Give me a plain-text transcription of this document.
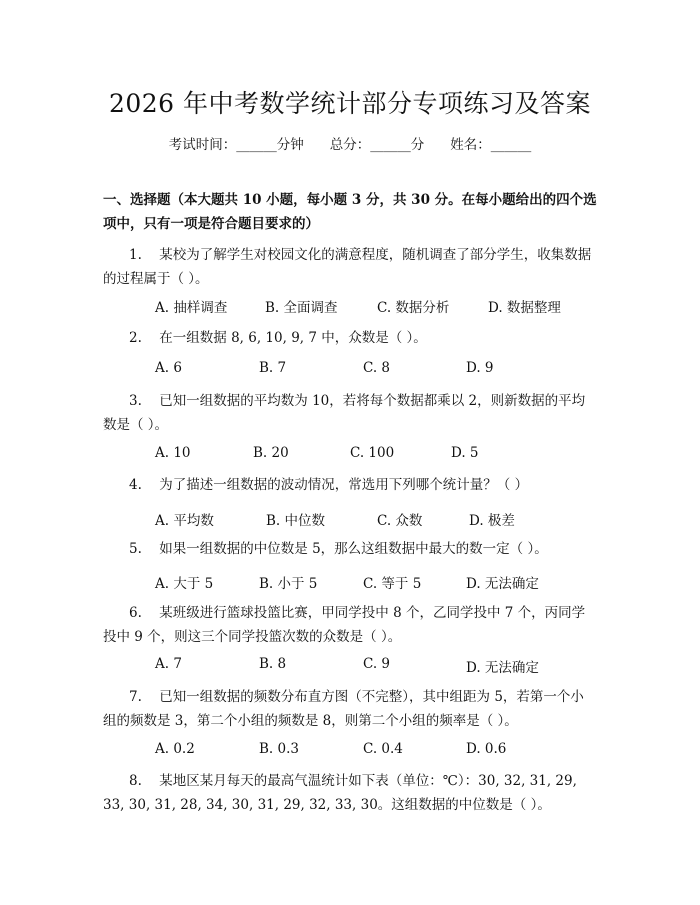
2026 年中考数学统计部分专项练习及答案
考试时间：______分钟 总分：______分 姓名：______
一、选择题（本大题共 10 小题，每小题 3 分，共 30 分。在每小题给出的四个选
项中，只有一项是符合题目要求的）
1. 某校为了解学生对校园文化的满意程度，随机调查了部分学生，收集数据
的过程属于（ ）。
A. 抽样调查	B. 全面调查	C. 数据分析	D. 数据整理
2. 在一组数据 8, 6, 10, 9, 7 中，众数是（ ）。
A. 6	B. 7	C. 8	D. 9
3. 已知一组数据的平均数为 10，若将每个数据都乘以 2，则新数据的平均
数是（ ）。
A. 10	B. 20	C. 100	D. 5
4. 为了描述一组数据的波动情况，常选用下列哪个统计量？（ ）
A. 平均数	B. 中位数	C. 众数	D. 极差
5. 如果一组数据的中位数是 5，那么这组数据中最大的数一定（ ）。
A. 大于 5	B. 小于 5	C. 等于 5	D. 无法确定
6. 某班级进行篮球投篮比赛，甲同学投中 8 个，乙同学投中 7 个，丙同学
投中 9 个，则这三个同学投篮次数的众数是（ ）。
A. 7	B. 8	C. 9	D. 无法确定
7. 已知一组数据的频数分布直方图（不完整），其中组距为 5，若第一个小
组的频数是 3，第二个小组的频数是 8，则第二个小组的频率是（ ）。
A. 0.2	B. 0.3	C. 0.4	D. 0.6
8. 某地区某月每天的最高气温统计如下表（单位：℃）：30, 32, 31, 29,
33, 30, 31, 28, 34, 30, 31, 29, 32, 33, 30。这组数据的中位数是（ ）。
